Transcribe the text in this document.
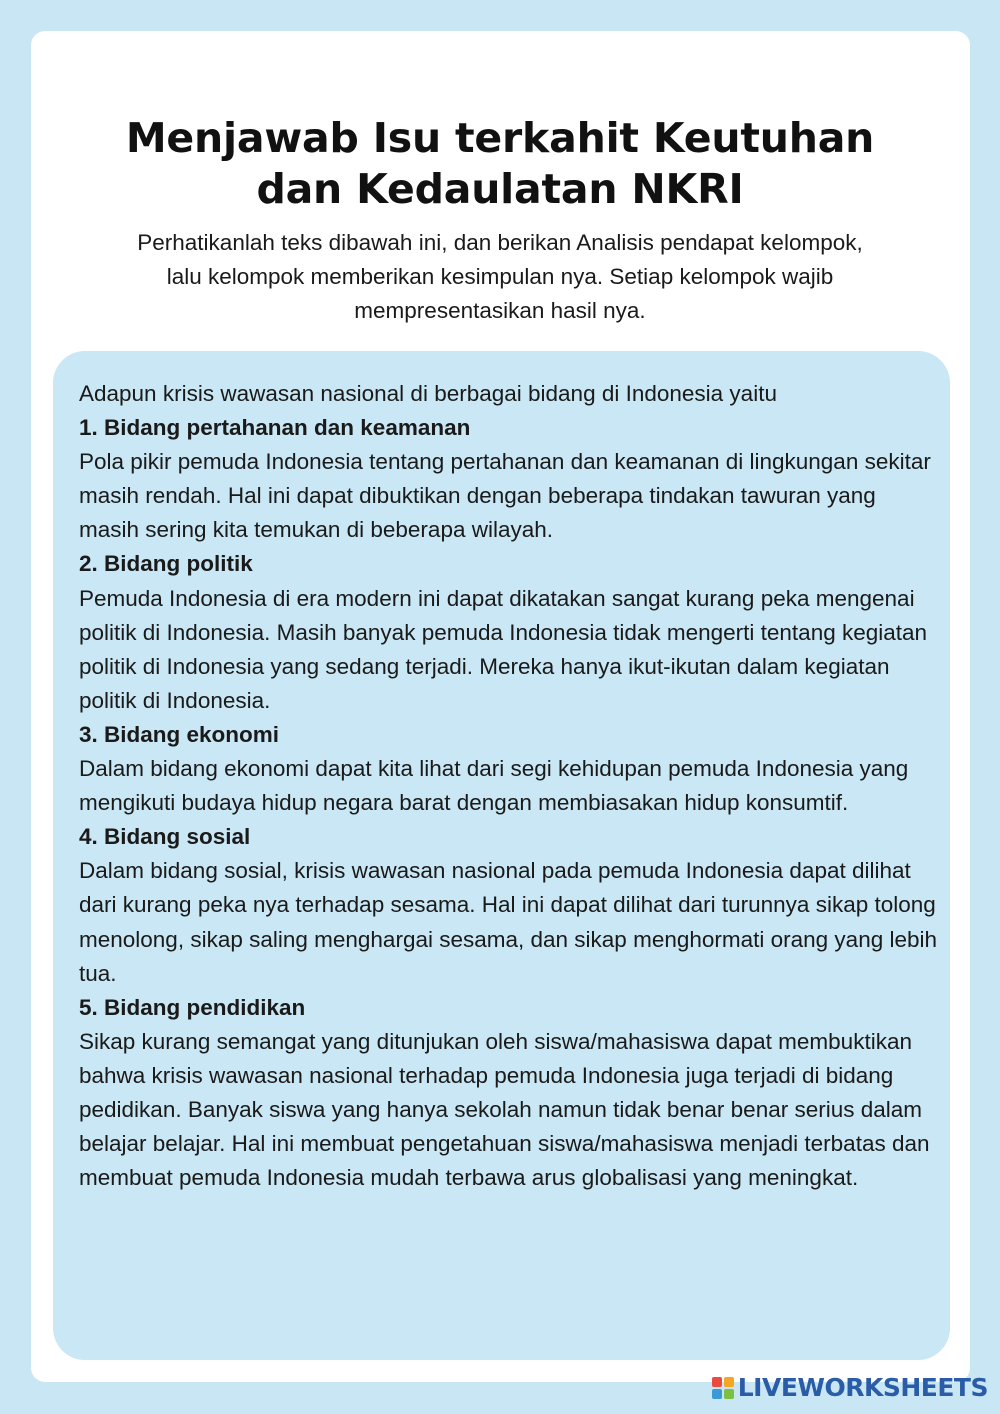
Menjawab Isu terkahit Keutuhan
dan Kedaulatan NKRI

Perhatikanlah teks dibawah ini, dan berikan Analisis pendapat kelompok, lalu kelompok memberikan kesimpulan nya. Setiap kelompok wajib mempresentasikan hasil nya.

Adapun krisis wawasan nasional di berbagai bidang di Indonesia yaitu

1. Bidang pertahanan dan keamanan

Pola pikir pemuda Indonesia tentang pertahanan dan keamanan di lingkungan sekitar masih rendah. Hal ini dapat dibuktikan dengan beberapa tindakan tawuran yang masih sering kita temukan di beberapa wilayah.

2. Bidang politik

Pemuda Indonesia di era modern ini dapat dikatakan sangat kurang peka mengenai politik di Indonesia. Masih banyak pemuda Indonesia tidak mengerti tentang kegiatan politik di Indonesia yang sedang terjadi. Mereka hanya ikut-ikutan dalam kegiatan politik di Indonesia.

3. Bidang ekonomi

Dalam bidang ekonomi dapat kita lihat dari segi kehidupan pemuda Indonesia yang mengikuti budaya hidup negara barat dengan membiasakan hidup konsumtif.

4. Bidang sosial

Dalam bidang sosial, krisis wawasan nasional pada pemuda Indonesia dapat dilihat dari kurang peka nya terhadap sesama. Hal ini dapat dilihat dari turunnya sikap tolong menolong, sikap saling menghargai sesama, dan sikap menghormati orang yang lebih tua.

5. Bidang pendidikan

Sikap kurang semangat yang ditunjukan oleh siswa/mahasiswa dapat membuktikan bahwa krisis wawasan nasional terhadap pemuda Indonesia juga terjadi di bidang pedidikan. Banyak siswa yang hanya sekolah namun tidak benar benar serius dalam belajar belajar. Hal ini membuat pengetahuan siswa/mahasiswa menjadi terbatas dan membuat pemuda Indonesia mudah terbawa arus globalisasi yang meningkat.

LIVEWORKSHEETS
